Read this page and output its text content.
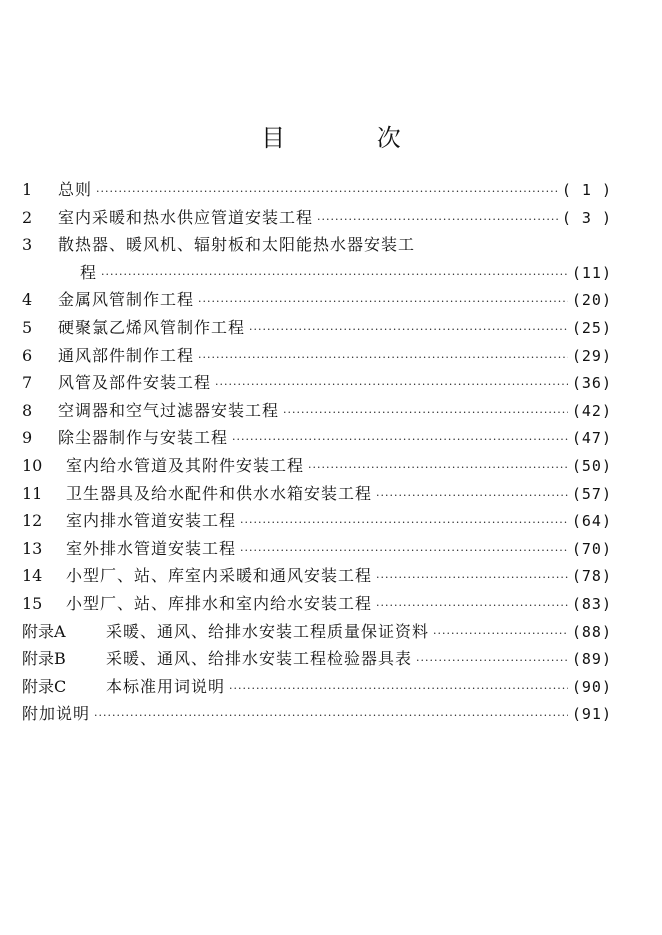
目 次
1	总则 ·····	( 1 )
2	室内采暖和热水供应管道安装工程 ·····	( 3 )
3	散热器、暖风机、辐射板和太阳能热水器安装工
程 ·····	(11)
4	金属风管制作工程 ·····	(20)
5	硬聚氯乙烯风管制作工程 ·····	(25)
6	通风部件制作工程 ·····	(29)
7	风管及部件安装工程 ·····	(36)
8	空调器和空气过滤器安装工程 ·····	(42)
9	除尘器制作与安装工程 ·····	(47)
10	室内给水管道及其附件安装工程 ·····	(50)
11	卫生器具及给水配件和供水水箱安装工程 ·····	(57)
12	室内排水管道安装工程 ·····	(64)
13	室外排水管道安装工程 ·····	(70)
14	小型厂、站、库室内采暖和通风安装工程 ·····	(78)
15	小型厂、站、库排水和室内给水安装工程 ·····	(83)
附录A	采暖、通风、给排水安装工程质量保证资料 ·····	(88)
附录B	采暖、通风、给排水安装工程检验器具表 ·····	(89)
附录C	本标准用词说明 ·····	(90)
附加说明 ·····	(91)
